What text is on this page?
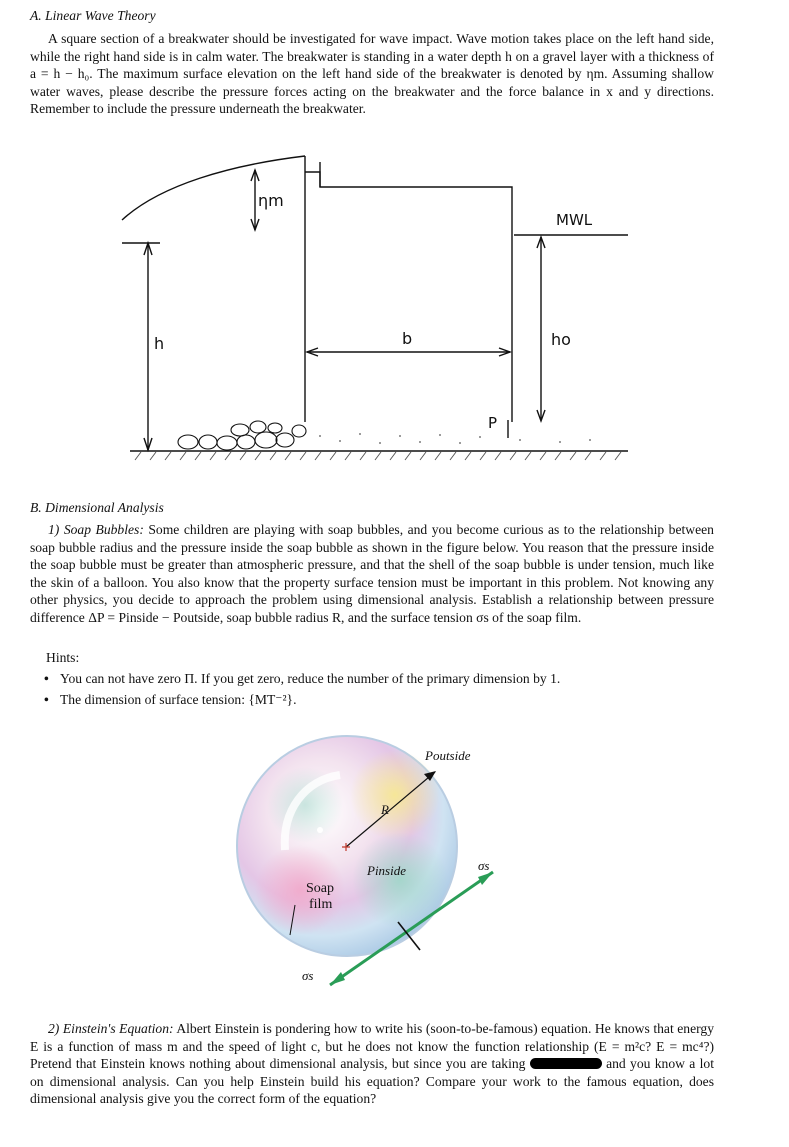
A. Linear Wave Theory
A square section of a breakwater should be investigated for wave impact. Wave motion takes place on the left hand side, while the right hand side is in calm water. The breakwater is standing in a water depth h on a gravel layer with a thickness of a = h − h₀. The maximum surface elevation on the left hand side of the breakwater is denoted by ηm. Assuming shallow water waves, please describe the pressure forces acting on the breakwater and the force balance in x and y directions. Remember to include the pressure underneath the breakwater.
ηm
MWL
h	b	ho
P
B. Dimensional Analysis
1) Soap Bubbles: Some children are playing with soap bubbles, and you become curious as to the relationship between soap bubble radius and the pressure inside the soap bubble as shown in the figure below. You reason that the pressure inside the soap bubble must be greater than atmospheric pressure, and that the shell of the soap bubble is under tension, much like the skin of a balloon. You also know that the property surface tension must be important in this problem. Not knowing any other physics, you decide to approach the problem using dimensional analysis. Establish a relationship between pressure difference ΔP = Pinside − Poutside, soap bubble radius R, and the surface tension σs of the soap film.
Hints:
• You can not have zero Π. If you get zero, reduce the number of the primary dimension by 1.
• The dimension of surface tension: {MT⁻²}.
Poutside
R
Pinside	σs
Soap
film
σs
2) Einstein's Equation: Albert Einstein is pondering how to write his (soon-to-be-famous) equation. He knows that energy E is a function of mass m and the speed of light c, but he does not know the function relationship (E = m²c? E = mc⁴?) Pretend that Einstein knows nothing about dimensional analysis, but since you are taking	and you know a lot on dimensional analysis. Can you help Einstein build his equation? Compare your work to the famous equation, does dimensional analysis give you the correct form of the equation?
